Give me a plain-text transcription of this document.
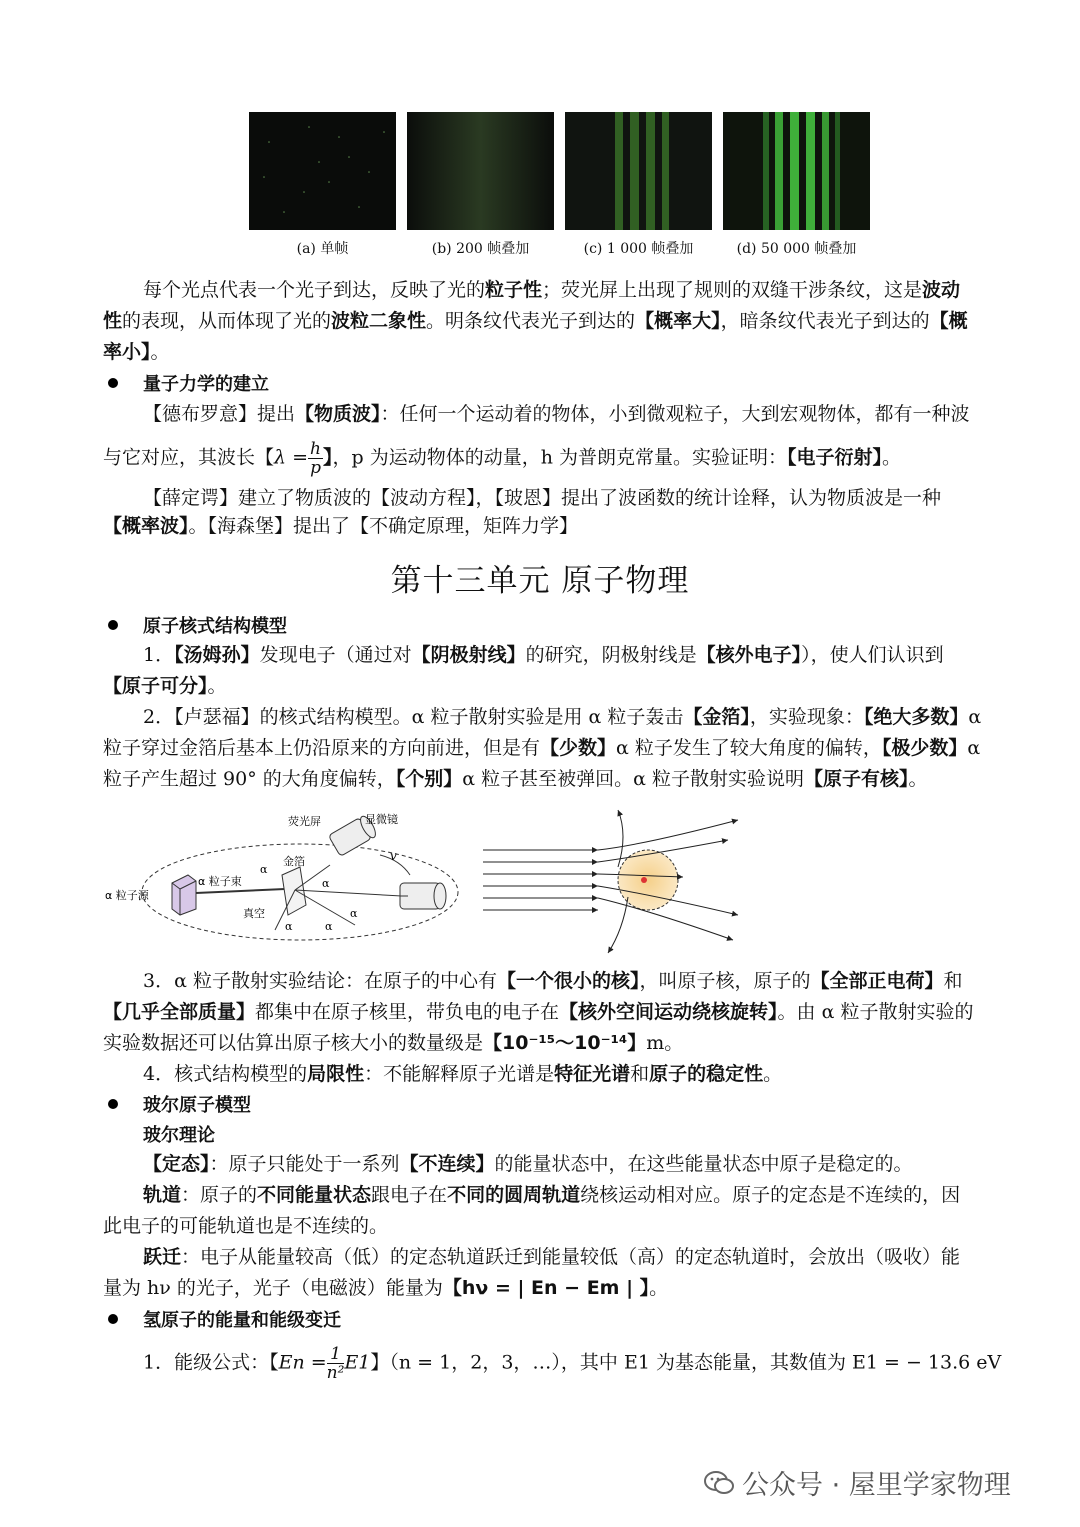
(a) 单帧	(b) 200 帧叠加	(c) 1 000 帧叠加	(d) 50 000 帧叠加

每个光点代表一个光子到达，反映了光的粒子性；荧光屏上出现了规则的双缝干涉条纹，这是波动

性的表现，从而体现了光的波粒二象性。明条纹代表光子到达的【概率大】，暗条纹代表光子到达的【概

率小】。

量子力学的建立

【德布罗意】提出【物质波】：任何一个运动着的物体，小到微观粒子，大到宏观物体，都有一种波

与它对应，其波长【$\lambda = \frac{h}{p}$ 】，p 为运动物体的动量，h 为普朗克常量。实验证明：【电子衍射】。

【薛定谔】建立了物质波的【波动方程】，【玻恩】提出了波函数的统计诠释，认为物质波是一种

【概率波】。【海森堡】提出了【不确定原理，矩阵力学】

第十三单元 原子物理
原子核式结构模型

1．【汤姆孙】发现电子（通过对【阴极射线】的研究，阴极射线是【核外电子】），使人们认识到

【原子可分】。

2．【卢瑟福】的核式结构模型。α 粒子散射实验是用 α 粒子轰击【金箔】，实验现象：【绝大多数】α

粒子穿过金箔后基本上仍沿原来的方向前进，但是有【少数】α 粒子发生了较大角度的偏转，【极少数】α

粒子产生超过 90° 的大角度偏转，【个别】α 粒子甚至被弹回。α 粒子散射实验说明【原子有核】。

荧光屏	显微镜
金箔
α 粒子源
α 粒子束
真空
v
α
α
α
α
α

3．α 粒子散射实验结论：在原子的中心有【一个很小的核】，叫原子核，原子的【全部正电荷】和

【几乎全部质量】都集中在原子核里，带负电的电子在【核外空间运动绕核旋转】。由 α 粒子散射实验的

实验数据还可以估算出原子核大小的数量级是【10⁻¹⁵～10⁻¹⁴】m。

4．核式结构模型的局限性：不能解释原子光谱是特征光谱和原子的稳定性。

玻尔原子模型
玻尔理论

【定态】：原子只能处于一系列【不连续】的能量状态中，在这些能量状态中原子是稳定的。

轨道：原子的不同能量状态跟电子在不同的圆周轨道绕核运动相对应。原子的定态是不连续的，因

此电子的可能轨道也是不连续的。

跃迁：电子从能量较高（低）的定态轨道跃迁到能量较低（高）的定态轨道时，会放出（吸收）能

量为 hν 的光子，光子（电磁波）能量为【hν = | En − Em | 】。

氢原子的能量和能级变迁

1．能级公式：【$En = \frac{1}{\text{n²}} E1$】（n = 1，2，3，…），其中 E1 为基态能量，其数值为 E1 = − 13.6 eV

公众号 · 屋里学家物理
